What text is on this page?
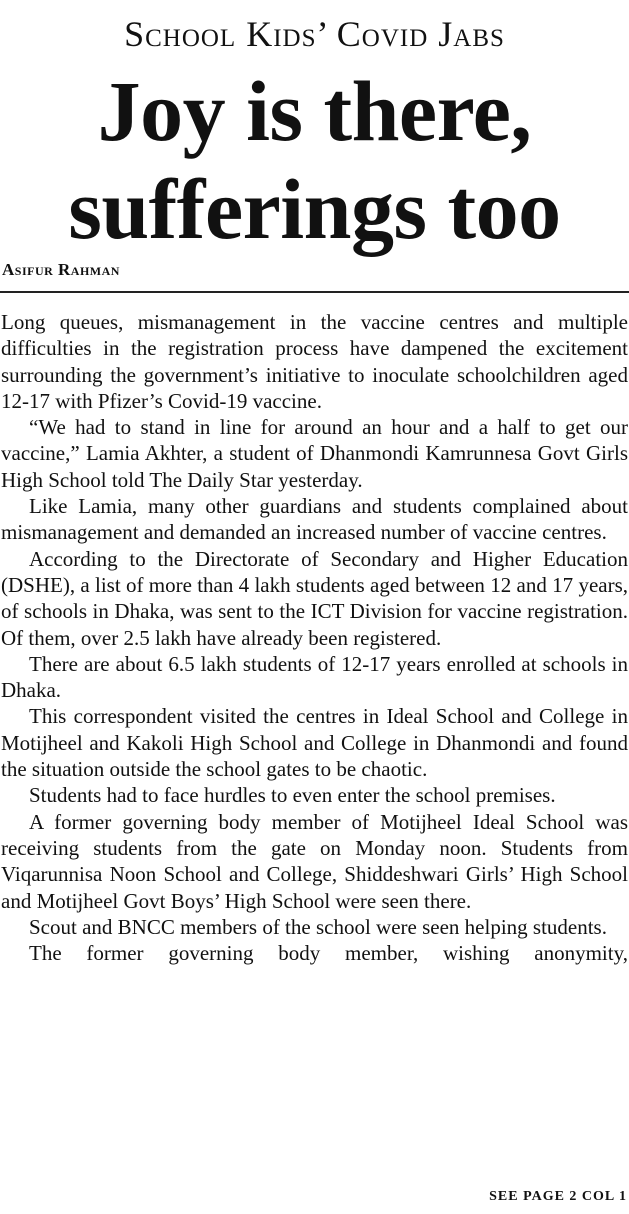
School Kids’ Covid Jabs
Joy is there,
sufferings too
Asifur Rahman

Long queues, mismanagement in the vaccine centres and multiple difficulties in the registration process have dampened the excitement surrounding the government’s initiative to inoculate schoolchildren aged 12-17 with Pfizer’s Covid-19 vaccine.

“We had to stand in line for around an hour and a half to get our vaccine,” Lamia Akhter, a student of Dhanmondi Kamrunnesa Govt Girls High School told The Daily Star yesterday.

Like Lamia, many other guardians and students complained about mismanagement and demanded an increased number of vaccine centres.

According to the Directorate of Secondary and Higher Education (DSHE), a list of more than 4 lakh students aged between 12 and 17 years, of schools in Dhaka, was sent to the ICT Division for vaccine registration. Of them, over 2.5 lakh have already been registered.

There are about 6.5 lakh students of 12-17 years enrolled at schools in Dhaka.

This correspondent visited the centres in Ideal School and College in Motijheel and Kakoli High School and College in Dhanmondi and found the situation outside the school gates to be chaotic.

Students had to face hurdles to even enter the school premises.

A former governing body member of Motijheel Ideal School was receiving students from the gate on Monday noon. Students from Viqarunnisa Noon School and College, Shiddeshwari Girls’ High School and Motijheel Govt Boys’ High School were seen there.

Scout and BNCC members of the school were seen helping students.

The former governing body member, wishing anonymity,

SEE PAGE 2 COL 1
